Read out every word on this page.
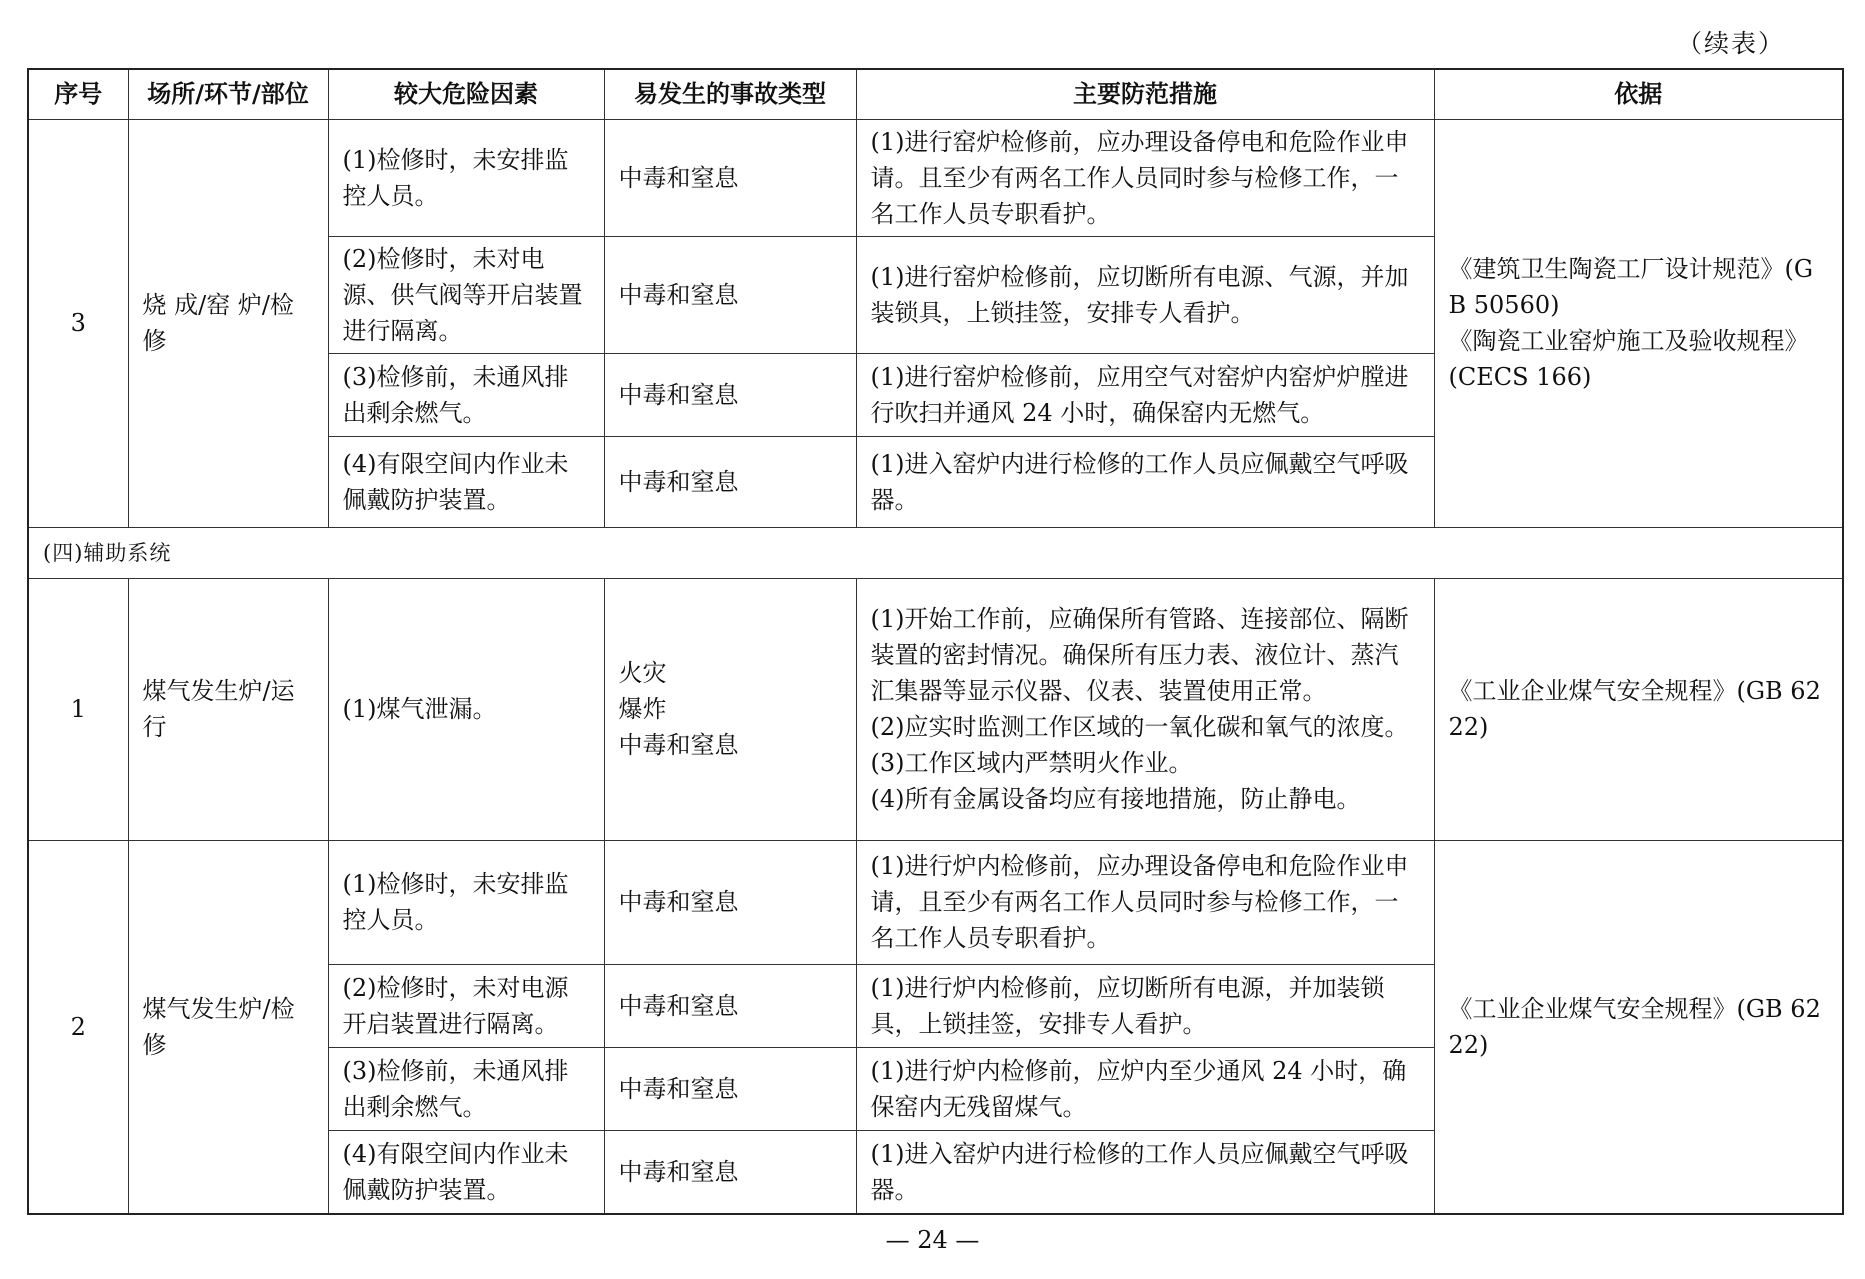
（续表）
序号	场所/环节/部位	较大危险因素	易发生的事故类型	主要防范措施	依据
3	烧 成/窑 炉/检修	(1)检修时，未安排监控人员。	中毒和窒息	(1)进行窑炉检修前，应办理设备停电和危险作业申请。且至少有两名工作人员同时参与检修工作，一名工作人员专职看护。	《建筑卫生陶瓷工厂设计规范》(GB 50560)
《陶瓷工业窑炉施工及验收规程》(CECS 166)

		(2)检修时，未对电源、供气阀等开启装置进行隔离。	中毒和窒息	(1)进行窑炉检修前，应切断所有电源、气源，并加装锁具，上锁挂签，安排专人看护。	

		(3)检修前，未通风排出剩余燃气。	中毒和窒息	(1)进行窑炉检修前，应用空气对窑炉内窑炉炉膛进行吹扫并通风 24 小时，确保窑内无燃气。	

		(4)有限空间内作业未佩戴防护装置。	中毒和窒息	(1)进入窑炉内进行检修的工作人员应佩戴空气呼吸器。	

(四)辅助系统					
1	煤气发生炉/运行	(1)煤气泄漏。	火灾
爆炸
中毒和窒息	(1)开始工作前，应确保所有管路、连接部位、隔断装置的密封情况。确保所有压力表、液位计、蒸汽汇集器等显示仪器、仪表、装置使用正常。
(2)应实时监测工作区域的一氧化碳和氧气的浓度。
(3)工作区域内严禁明火作业。
(4)所有金属设备均应有接地措施，防止静电。	《工业企业煤气安全规程》(GB 6222)

2	煤气发生炉/检修	(1)检修时，未安排监控人员。	中毒和窒息	(1)进行炉内检修前，应办理设备停电和危险作业申请，且至少有两名工作人员同时参与检修工作，一名工作人员专职看护。	《工业企业煤气安全规程》(GB 6222)

		(2)检修时，未对电源开启装置进行隔离。	中毒和窒息	(1)进行炉内检修前，应切断所有电源，并加装锁具，上锁挂签，安排专人看护。	

		(3)检修前，未通风排出剩余燃气。	中毒和窒息	(1)进行炉内检修前，应炉内至少通风 24 小时，确保窑内无残留煤气。	

		(4)有限空间内作业未佩戴防护装置。	中毒和窒息	(1)进入窑炉内进行检修的工作人员应佩戴空气呼吸器。	
— 24 —
